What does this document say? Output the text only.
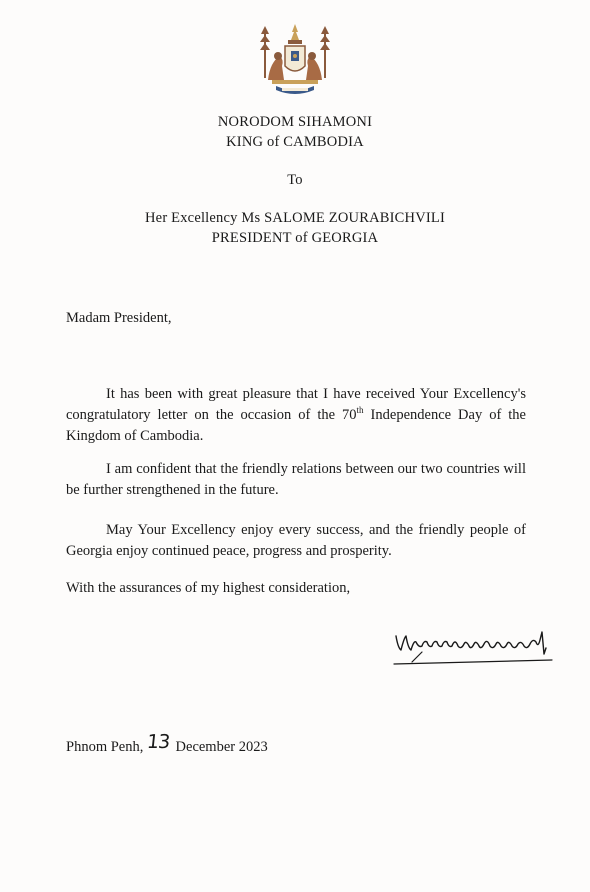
NORODOM SIHAMONI
KING of CAMBODIA
To
Her Excellency Ms SALOME ZOURABICHVILI
PRESIDENT of GEORGIA
Madam President,

It has been with great pleasure that I have received Your Excellency's congratulatory letter on the occasion of the 70th Independence Day of the Kingdom of Cambodia.

I am confident that the friendly relations between our two countries will be further strengthened in the future.

May Your Excellency enjoy every success, and the friendly people of Georgia enjoy continued peace, progress and prosperity.

With the assurances of my highest consideration,
Phnom Penh, 13 December 2023
